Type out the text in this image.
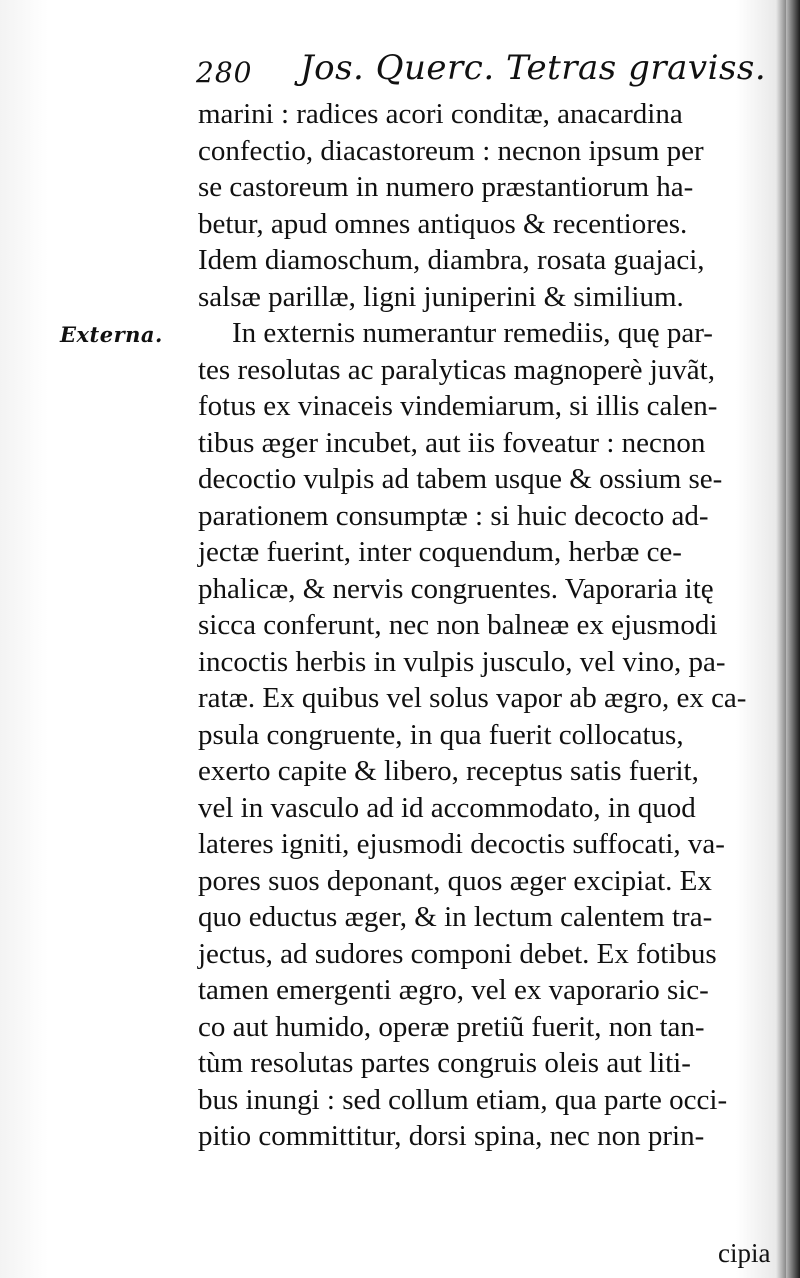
280 Jos. Querc. Tetras graviss.
Externa.
marini : radices acori conditæ, anacardina
confectio, diacastoreum : necnon ipsum per
se castoreum in numero præstantiorum ha-
betur, apud omnes antiquos & recentiores.
Idem diamoschum, diambra, rosata guajaci,
salsæ parillæ, ligni juniperini & similium.
In externis numerantur remediis, quę par-
tes resolutas ac paralyticas magnoperè juvãt,
fotus ex vinaceis vindemiarum, si illis calen-
tibus æger incubet, aut iis foveatur : necnon
decoctio vulpis ad tabem usque & ossium se-
parationem consumptæ : si huic decocto ad-
jectæ fuerint, inter coquendum, herbæ ce-
phalicæ, & nervis congruentes. Vaporaria itę
sicca conferunt, nec non balneæ ex ejusmodi
incoctis herbis in vulpis jusculo, vel vino, pa-
ratæ. Ex quibus vel solus vapor ab ægro, ex ca-
psula congruente, in qua fuerit collocatus,
exerto capite & libero, receptus satis fuerit,
vel in vasculo ad id accommodato, in quod
lateres igniti, ejusmodi decoctis suffocati, va-
pores suos deponant, quos æger excipiat. Ex
quo eductus æger, & in lectum calentem tra-
jectus, ad sudores componi debet. Ex fotibus
tamen emergenti ægro, vel ex vaporario sic-
co aut humido, operæ pretiũ fuerit, non tan-
tùm resolutas partes congruis oleis aut liti-
bus inungi : sed collum etiam, qua parte occi-
pitio committitur, dorsi spina, nec non prin-
cipia
